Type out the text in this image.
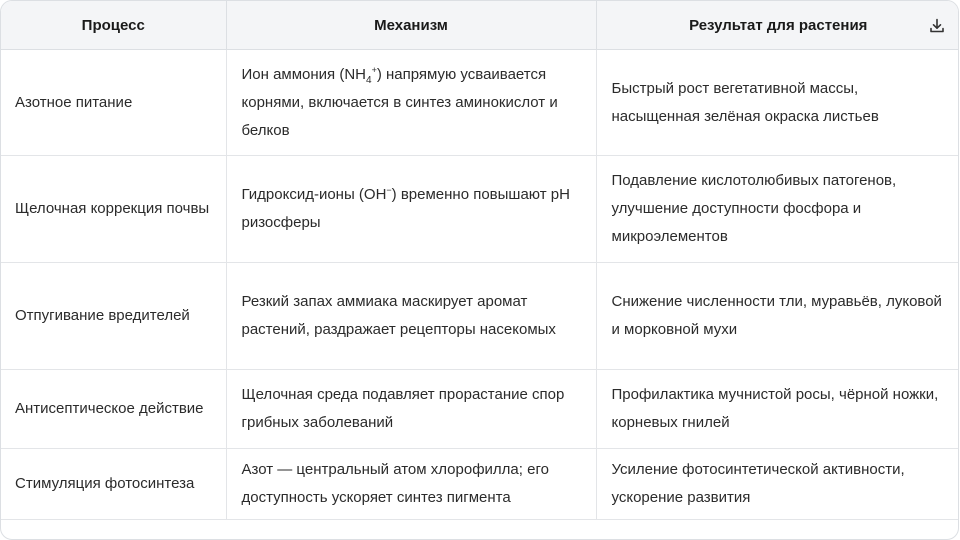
Процесс	Механизм	Результат для растения

Азотное питание	Ион аммония $(NH_4^+)$ напрямую усваивается корнями, включается в синтез аминокислот и белков	Быстрый рост вегетативной массы, насыщенная зелёная окраска листьев
Щелочная коррекция почвы	Гидроксид-ионы (OH−) временно повышают pH ризосферы	Подавление кислотолюбивых патогенов, улучшение доступности фосфора и микроэлементов
Отпугивание вредителей	Резкий запах аммиака маскирует аромат растений, раздражает рецепторы насекомых	Снижение численности тли, муравьёв, луковой и морковной мухи
Антисептическое действие	Щелочная среда подавляет прорастание спор грибных заболеваний	Профилактика мучнистой росы, чёрной ножки, корневых гнилей
Стимуляция фотосинтеза	Азот — центральный атом хлорофилла; его доступность ускоряет синтез пигмента	Усиление фотосинтетической активности, ускорение развития
